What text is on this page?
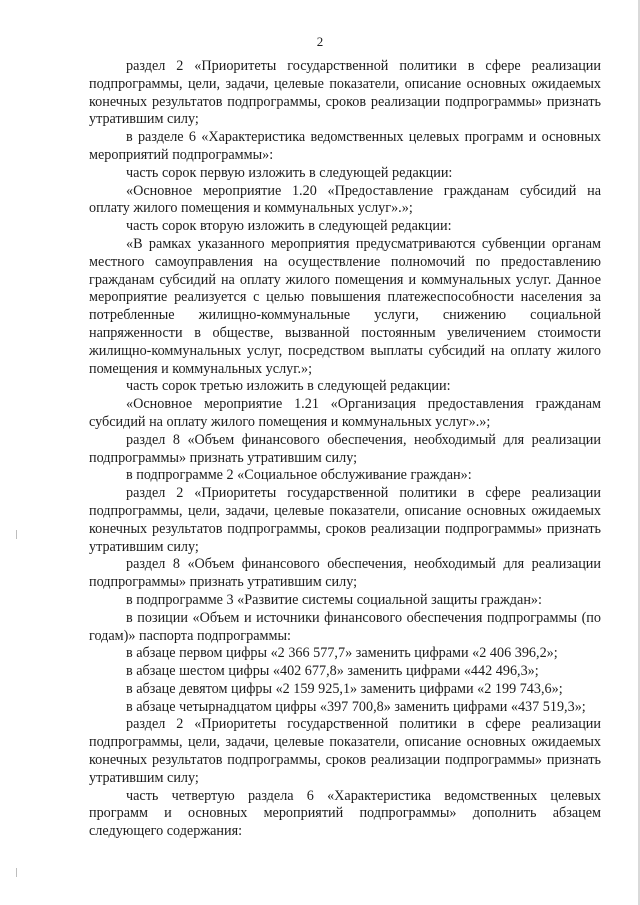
2

раздел 2 «Приоритеты государственной политики в сфере реализации подпрограммы, цели, задачи, целевые показатели, описание основных ожидаемых конечных результатов подпрограммы, сроков реализации подпрограммы» признать утратившим силу;

в разделе 6 «Характеристика ведомственных целевых программ и основных мероприятий подпрограммы»:

часть сорок первую изложить в следующей редакции:

«Основное мероприятие 1.20 «Предоставление гражданам субсидий на оплату жилого помещения и коммунальных услуг».»;

часть сорок вторую изложить в следующей редакции:

«В рамках указанного мероприятия предусматриваются субвенции органам местного самоуправления на осуществление полномочий по предоставлению гражданам субсидий на оплату жилого помещения и коммунальных услуг. Данное мероприятие реализуется с целью повышения платежеспособности населения за потребленные жилищно-коммунальные услуги, снижению социальной напряженности в обществе, вызванной постоянным увеличением стоимости жилищно-коммунальных услуг, посредством выплаты субсидий на оплату жилого помещения и коммунальных услуг.»;

часть сорок третью изложить в следующей редакции:

«Основное мероприятие 1.21 «Организация предоставления гражданам субсидий на оплату жилого помещения и коммунальных услуг».»;

раздел 8 «Объем финансового обеспечения, необходимый для реализации подпрограммы» признать утратившим силу;

в подпрограмме 2 «Социальное обслуживание граждан»:

раздел 2 «Приоритеты государственной политики в сфере реализации подпрограммы, цели, задачи, целевые показатели, описание основных ожидаемых конечных результатов подпрограммы, сроков реализации подпрограммы» признать утратившим силу;

раздел 8 «Объем финансового обеспечения, необходимый для реализации подпрограммы» признать утратившим силу;

в подпрограмме 3 «Развитие системы социальной защиты граждан»:

в позиции «Объем и источники финансового обеспечения подпрограммы (по годам)» паспорта подпрограммы:

в абзаце первом цифры «2 366 577,7» заменить цифрами «2 406 396,2»;

в абзаце шестом цифры «402 677,8» заменить цифрами «442 496,3»;

в абзаце девятом цифры «2 159 925,1» заменить цифрами «2 199 743,6»;

в абзаце четырнадцатом цифры «397 700,8» заменить цифрами «437 519,3»;

раздел 2 «Приоритеты государственной политики в сфере реализации подпрограммы, цели, задачи, целевые показатели, описание основных ожидаемых конечных результатов подпрограммы, сроков реализации подпрограммы» признать утратившим силу;

часть четвертую раздела 6 «Характеристика ведомственных целевых программ и основных мероприятий подпрограммы» дополнить абзацем следующего содержания:
